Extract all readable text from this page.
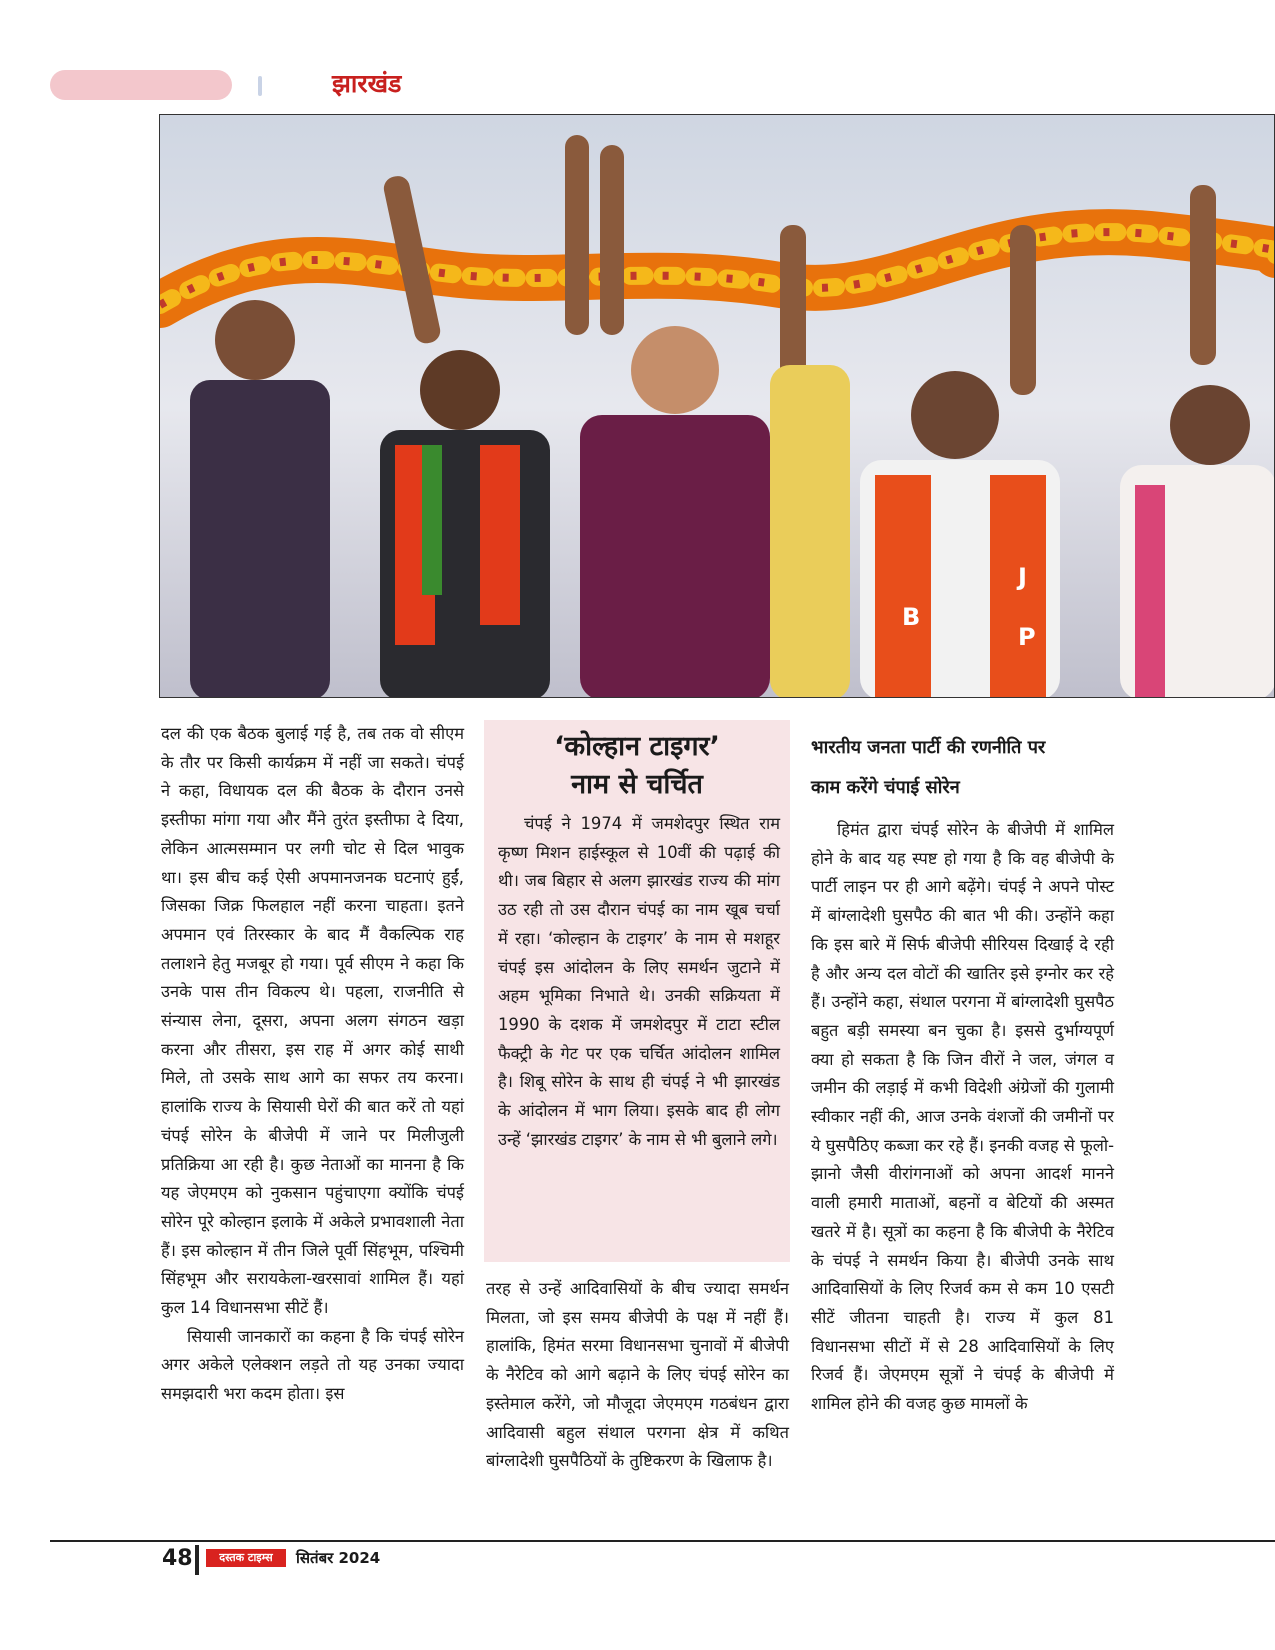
झारखंड
B
J
P

दल की एक बैठक बुलाई गई है, तब तक वो सीएम के तौर पर किसी कार्यक्रम में नहीं जा सकते। चंपई ने कहा, विधायक दल की बैठक के दौरान उनसे इस्तीफा मांगा गया और मैंने तुरंत इस्तीफा दे दिया, लेकिन आत्मसम्मान पर लगी चोट से दिल भावुक था। इस बीच कई ऐसी अपमानजनक घटनाएं हुईं, जिसका जिक्र फिलहाल नहीं करना चाहता। इतने अपमान एवं तिरस्कार के बाद मैं वैकल्पिक राह तलाशने हेतु मजबूर हो गया। पूर्व सीएम ने कहा कि उनके पास तीन विकल्प थे। पहला, राजनीति से संन्यास लेना, दूसरा, अपना अलग संगठन खड़ा करना और तीसरा, इस राह में अगर कोई साथी मिले, तो उसके साथ आगे का सफर तय करना। हालांकि राज्य के सियासी घेरों की बात करें तो यहां चंपई सोरेन के बीजेपी में जाने पर मिलीजुली प्रतिक्रिया आ रही है। कुछ नेताओं का मानना है कि यह जेएमएम को नुकसान पहुंचाएगा क्योंकि चंपई सोरेन पूरे कोल्हान इलाके में अकेले प्रभावशाली नेता हैं। इस कोल्हान में तीन जिले पूर्वी सिंहभूम, पश्चिमी सिंहभूम और सरायकेला-खरसावां शामिल हैं। यहां कुल 14 विधानसभा सीटें हैं।

सियासी जानकारों का कहना है कि चंपई सोरेन अगर अकेले एलेक्शन लड़ते तो यह उनका ज्यादा समझदारी भरा कदम होता। इस

‘कोल्हान टाइगर’
नाम से चर्चित

चंपई ने 1974 में जमशेदपुर स्थित राम कृष्ण मिशन हाईस्कूल से 10वीं की पढ़ाई की थी। जब बिहार से अलग झारखंड राज्य की मांग उठ रही तो उस दौरान चंपई का नाम खूब चर्चा में रहा। ‘कोल्हान के टाइगर’ के नाम से मशहूर चंपई इस आंदोलन के लिए समर्थन जुटाने में अहम भूमिका निभाते थे। उनकी सक्रियता में 1990 के दशक में जमशेदपुर में टाटा स्टील फैक्ट्री के गेट पर एक चर्चित आंदोलन शामिल है। शिबू सोरेन के साथ ही चंपई ने भी झारखंड के आंदोलन में भाग लिया। इसके बाद ही लोग उन्हें ‘झारखंड टाइगर’ के नाम से भी बुलाने लगे।

तरह से उन्हें आदिवासियों के बीच ज्यादा समर्थन मिलता, जो इस समय बीजेपी के पक्ष में नहीं हैं। हालांकि, हिमंत सरमा विधानसभा चुनावों में बीजेपी के नैरेटिव को आगे बढ़ाने के लिए चंपई सोरेन का इस्तेमाल करेंगे, जो मौजूदा जेएमएम गठबंधन द्वारा आदिवासी बहुल संथाल परगना क्षेत्र में कथित बांग्लादेशी घुसपैठियों के तुष्टिकरण के खिलाफ है।

भारतीय जनता पार्टी की रणनीति पर
काम करेंगे चंपाई सोरेन

हिमंत द्वारा चंपई सोरेन के बीजेपी में शामिल होने के बाद यह स्पष्ट हो गया है कि वह बीजेपी के पार्टी लाइन पर ही आगे बढ़ेंगे। चंपई ने अपने पोस्ट में बांग्लादेशी घुसपैठ की बात भी की। उन्होंने कहा कि इस बारे में सिर्फ बीजेपी सीरियस दिखाई दे रही है और अन्य दल वोटों की खातिर इसे इग्नोर कर रहे हैं। उन्होंने कहा, संथाल परगना में बांग्लादेशी घुसपैठ बहुत बड़ी समस्या बन चुका है। इससे दुर्भाग्यपूर्ण क्या हो सकता है कि जिन वीरों ने जल, जंगल व जमीन की लड़ाई में कभी विदेशी अंग्रेजों की गुलामी स्वीकार नहीं की, आज उनके वंशजों की जमीनों पर ये घुसपैठिए कब्जा कर रहे हैं। इनकी वजह से फूलो-झानो जैसी वीरांगनाओं को अपना आदर्श मानने वाली हमारी माताओं, बहनों व बेटियों की अस्मत खतरे में है। सूत्रों का कहना है कि बीजेपी के नैरेटिव के चंपई ने समर्थन किया है। बीजेपी उनके साथ आदिवासियों के लिए रिजर्व कम से कम 10 एसटी सीटें जीतना चाहती है। राज्य में कुल 81 विधानसभा सीटों में से 28 आदिवासियों के लिए रिजर्व हैं। जेएमएम सूत्रों ने चंपई के बीजेपी में शामिल होने की वजह कुछ मामलों के

48	दस्तक टाइम्स	सितंबर 2024
